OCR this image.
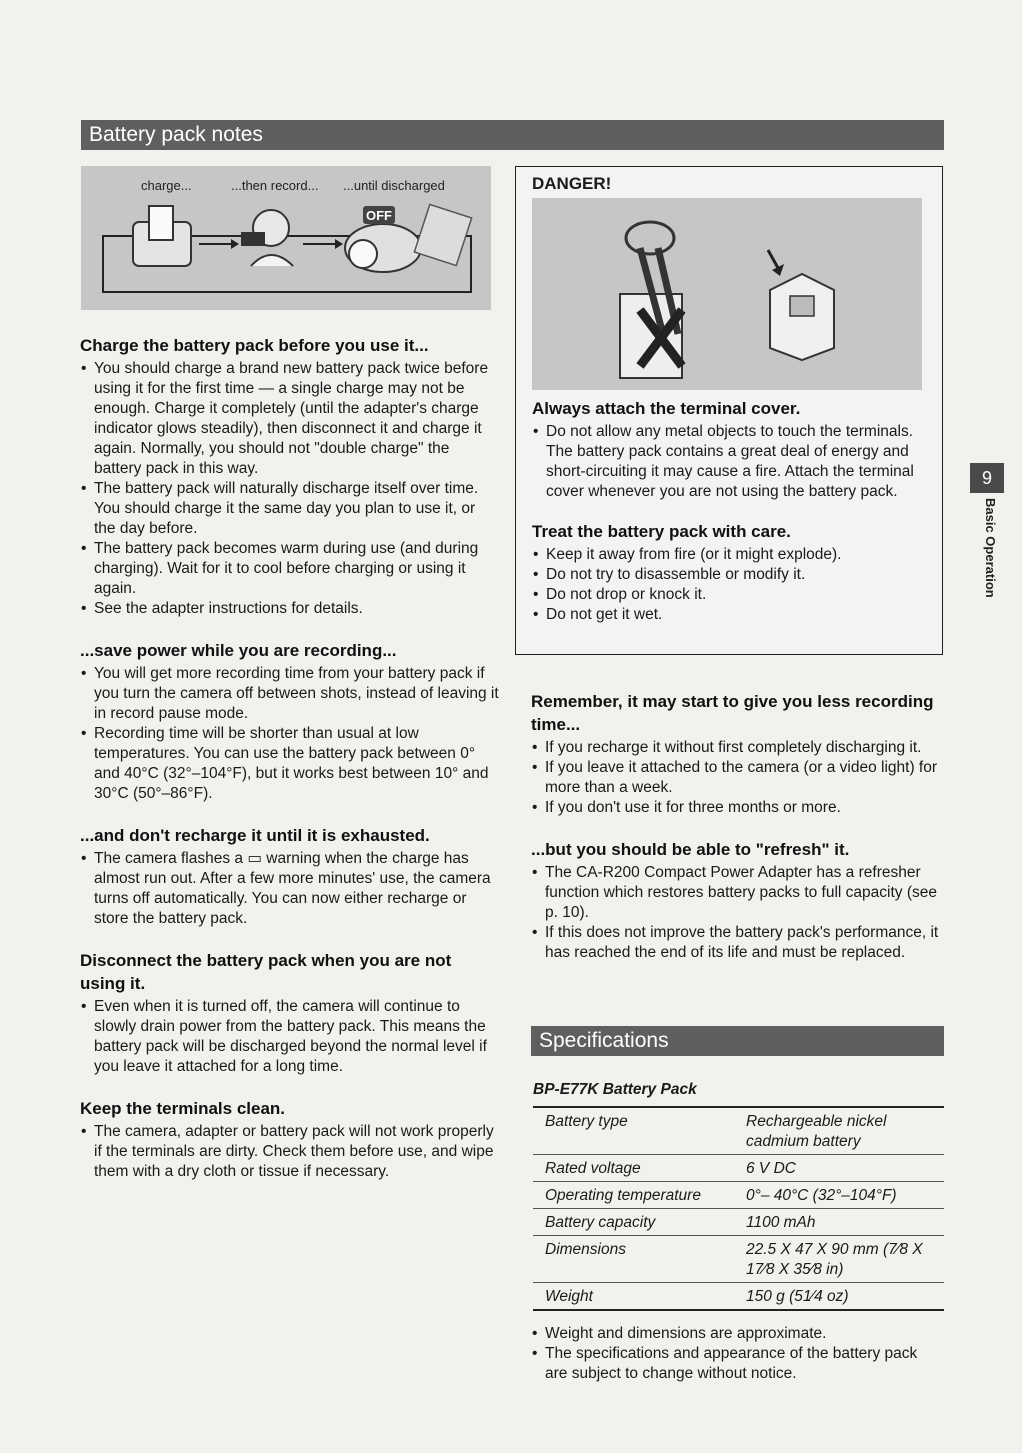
Battery pack notes
charge...	...then record... ...until discharged
OFF
Charge the battery pack before you use it...
• You should charge a brand new battery pack twice before using it for the first time — a single charge may not be enough. Charge it completely (until the adapter's charge indicator glows steadily), then disconnect it and charge it again. Normally, you should not "double charge" the battery pack in this way.
• The battery pack will naturally discharge itself over time. You should charge it the same day you plan to use it, or the day before.
• The battery pack becomes warm during use (and during charging). Wait for it to cool before charging or using it again.
• See the adapter instructions for details.
...save power while you are recording...
• You will get more recording time from your battery pack if you turn the camera off between shots, instead of leaving it in record pause mode.
• Recording time will be shorter than usual at low temperatures. You can use the battery pack between 0° and 40°C (32°–104°F), but it works best between 10° and 30°C (50°–86°F).
...and don't recharge it until it is exhausted.
• The camera flashes a ▭ warning when the charge has almost run out. After a few more minutes' use, the camera turns off automatically. You can now either recharge or store the battery pack.
Disconnect the battery pack when you are not using it.
• Even when it is turned off, the camera will continue to slowly drain power from the battery pack. This means the battery pack will be discharged beyond the normal level if you leave it attached for a long time.
Keep the terminals clean.
• The camera, adapter or battery pack will not work properly if the terminals are dirty. Check them before use, and wipe them with a dry cloth or tissue if necessary.
DANGER!
Always attach the terminal cover.
• Do not allow any metal objects to touch the terminals. The battery pack contains a great deal of energy and short-circuiting it may cause a fire. Attach the terminal cover whenever you are not using the battery pack.
Treat the battery pack with care.
• Keep it away from fire (or it might explode).
• Do not try to disassemble or modify it.
• Do not drop or knock it.
• Do not get it wet.
Remember, it may start to give you less recording time...
• If you recharge it without first completely discharging it.
• If you leave it attached to the camera (or a video light) for more than a week.
• If you don't use it for three months or more.
...but you should be able to "refresh" it.
• The CA-R200 Compact Power Adapter has a refresher function which restores battery packs to full capacity (see p. 10).
• If this does not improve the battery pack's performance, it has reached the end of its life and must be replaced.
Specifications
BP-E77K Battery Pack
Battery type	Rechargeable nickel cadmium battery
Rated voltage	6 V DC
Operating temperature	0°– 40°C (32°–104°F)
Battery capacity	1100 mAh
Dimensions	22.5 X 47 X 90 mm (7⁄8 X 17⁄8 X 35⁄8 in)
Weight	150 g (51⁄4 oz)
• Weight and dimensions are approximate.
• The specifications and appearance of the battery pack are subject to change without notice.
9
Basic Operation
